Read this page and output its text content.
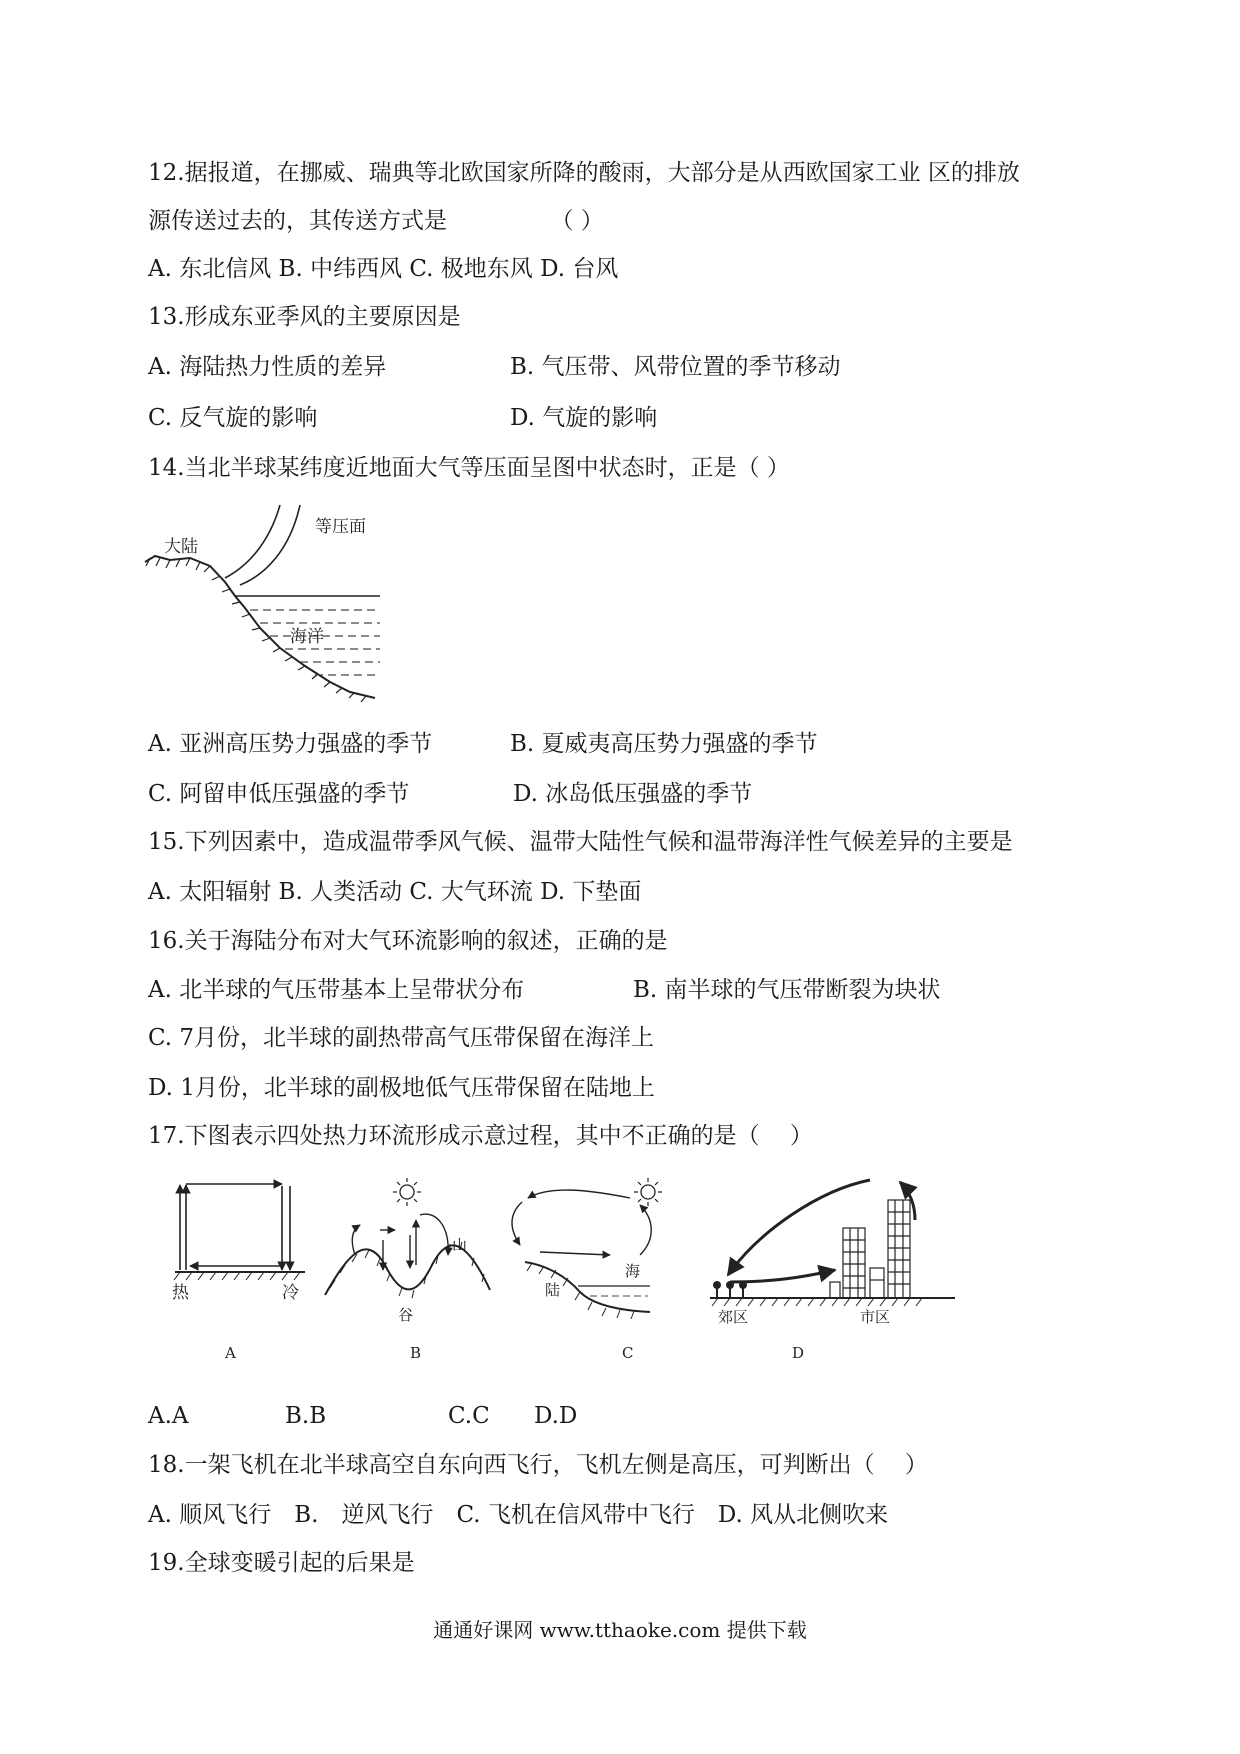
12.据报道，在挪威、瑞典等北欧国家所降的酸雨，大部分是从西欧国家工业 区的排放
源传送过去的，其传送方式是　　　　　（ ）
A. 东北信风 B. 中纬西风 C. 极地东风 D. 台风
13.形成东亚季风的主要原因是
A. 海陆热力性质的差异	B. 气压带、风带位置的季节移动
C. 反气旋的影响	D. 气旋的影响
14.当北半球某纬度近地面大气等压面呈图中状态时，正是（ ）
大陆
等压面
海洋
A. 亚洲高压势力强盛的季节	B. 夏威夷高压势力强盛的季节
C. 阿留申低压强盛的季节	D. 冰岛低压强盛的季节
15.下列因素中，造成温带季风气候、温带大陆性气候和温带海洋性气候差异的主要是
A. 太阳辐射 B. 人类活动 C. 大气环流 D. 下垫面
16.关于海陆分布对大气环流影响的叙述，正确的是
A. 北半球的气压带基本上呈带状分布	B. 南半球的气压带断裂为块状
C. 7月份，北半球的副热带高气压带保留在海洋上
D. 1月份，北半球的副极地低气压带保留在陆地上
17.下图表示四处热力环流形成示意过程，其中不正确的是（　 ）
热	冷
A
山
谷
B
陆
海
C
郊区	市区
D
A.A	B.B	C.C D.D
18.一架飞机在北半球高空自东向西飞行，飞机左侧是高压，可判断出（　 ）
A. 顺风飞行　B.　逆风飞行　C. 飞机在信风带中飞行　D. 风从北侧吹来
19.全球变暖引起的后果是
通通好课网 www.tthaoke.com 提供下载
